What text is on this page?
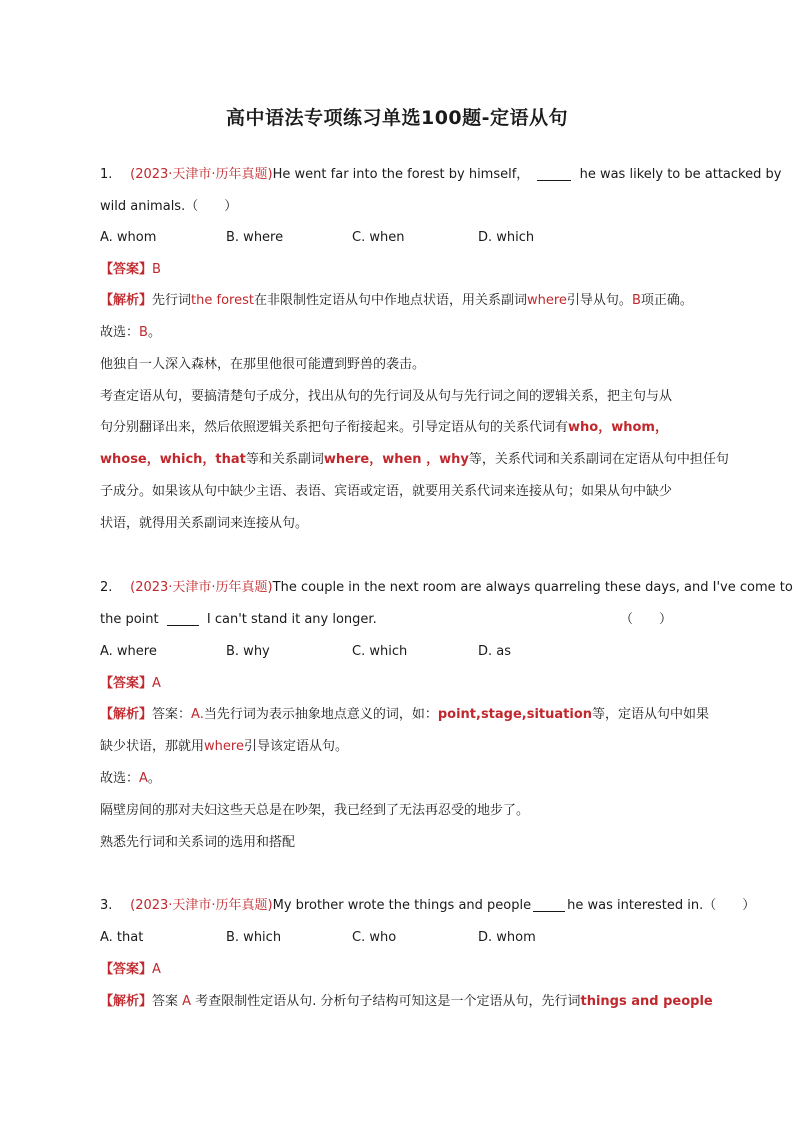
高中语法专项练习单选100题-定语从句
1. (2023·天津市·历年真题)He went far into the forest by himself，	he was likely to be attacked by
wild animals.（　　）
A. whom	B. where	C. when	D. which
【答案】B
【解析】先行词the forest在非限制性定语从句中作地点状语，用关系副词where引导从句。B项正确。
故选：B。
他独自一人深入森林，在那里他很可能遭到野兽的袭击。
考查定语从句，要搞清楚句子成分，找出从句的先行词及从句与先行词之间的逻辑关系，把主句与从
句分别翻译出来，然后依照逻辑关系把句子衔接起来。引导定语从句的关系代词有who，whom，
whose，which，that等和关系副词where，when ，why等，关系代词和关系副词在定语从句中担任句
子成分。如果该从句中缺少主语、表语、宾语或定语，就要用关系代词来连接从句；如果从句中缺少
状语，就得用关系副词来连接从句。
2. (2023·天津市·历年真题)The couple in the next room are always quarreling these days, and I've come to
the point	I can't stand it any longer.	（　　）
A. where	B. why	C. which	D. as
【答案】A
【解析】答案：A.当先行词为表示抽象地点意义的词，如：point,stage,situation等，定语从句中如果
缺少状语，那就用where引导该定语从句。
故选：A。
隔壁房间的那对夫妇这些天总是在吵架，我已经到了无法再忍受的地步了。
熟悉先行词和关系词的选用和搭配
3. (2023·天津市·历年真题)My brother wrote the things and people	he was interested in.（　　）
A. that	B. which	C. who	D. whom
【答案】A
【解析】答案 A 考查限制性定语从句. 分析句子结构可知这是一个定语从句，先行词things and people
